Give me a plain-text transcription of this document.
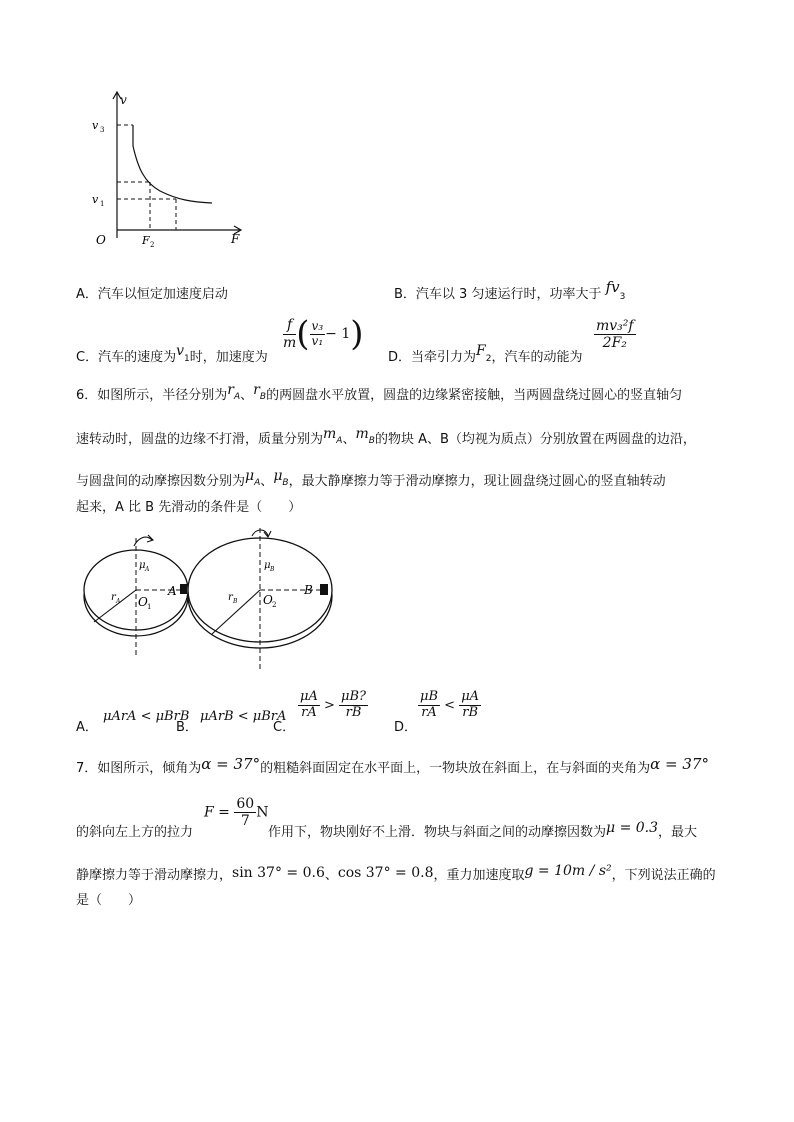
v
F
O
v 3
v 1
F 2
A．汽车以恒定加速度启动	B．汽车以 3 匀速运行时，功率大于 $fv_3$
C．汽车的速度为$v_1$时，加速度为
$\frac{f}{m}$ ( $\frac{\text{v₃}}{\text{v₁}} - 1$)
D．当牵引力为$F_2$，汽车的动能为
$\frac{\text{mv₃²f}}{\text{2F₂}}$
6．如图所示，半径分别为$r_A$、$r_B$的两圆盘水平放置，圆盘的边缘紧密接触，当两圆盘绕过圆心的竖直轴匀
速转动时，圆盘的边缘不打滑，质量分别为$m_A$、$m_B$的物块 A、B（均视为质点）分别放置在两圆盘的边沿，
与圆盘间的动摩擦因数分别为$\mu_A$、$\mu_B$，最大静摩擦力等于滑动摩擦力，现让圆盘绕过圆心的竖直轴转动
起来，A 比 B 先滑动的条件是（　　）
μ A
r A O 1
A
μ B
r B O 2
B
A．
μArA < μBrB
B．
μArB < μBrA
C．
$\frac{\mu A}{rA} > \frac{\mu B?}{rB}$
D．
$\frac{\mu B}{rA} < \frac{\mu A}{rB}$
7．如图所示，倾角为α = 37°的粗糙斜面固定在水平面上，一物块放在斜面上，在与斜面的夹角为α = 37°
的斜向左上方的拉力
$F = \frac{60}{7}$ N
作用下，物块刚好不上滑．物块与斜面之间的动摩擦因数为μ = 0.3，最大
静摩擦力等于滑动摩擦力，sin 37° = 0.6、cos 37° = 0.8，重力加速度取g = 10m / s²，下列说法正确的
是（　　）
